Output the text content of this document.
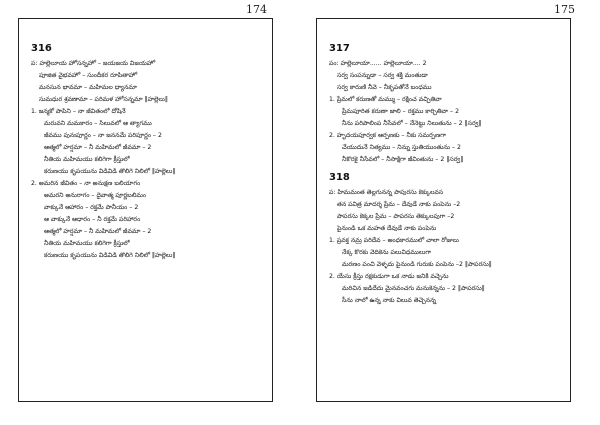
174	175
316
ప: హల్లెలూయ హోసన్నహో – జయజయ విజయహో
పూజిత వైభవహో – సుందీకర రూపితాహో
మనసున భావమా – మహిమల ధ్యానమా
సుమధుర శ్రవణామా – పరిమళ హోసన్నమా ‖హల్లెలు‖
1. జన్మకో పాపిని – నా జీవితంలో దోషినే
మరువని మమకారం – సిలువలో ఆ త్యాగము
జీవము పునఃపూర్ణం – నా జననమే పరిపూర్ణం – 2
ఆత్మలో హర్షమా – నీ మహిమలో జీవమా – 2
నీతియ మహిమయు కలిగెగా క్రీస్తులో
కరుణయు కృపయును విడివిడి తొలిగె నిలిలో ‖హల్లెలు‖
2. అమరిన జీవితం – నా అనుక్షణ బలియాగం
అమరని అనురాగం – దైవాత్మ పూర్ణబలిమం
వాక్కునే ఆహారం – రక్తమే పానీయం – 2
ఆ వాక్కునే ఆధారం – నీ రక్తమే పరిహారం
ఆత్మలో హర్షమా – నీ మహిమలో జీవమా – 2
నీతియ మహిమయు కలిగెగా క్రీస్తులో
కరుణయు కృపయును విడివిడి తొలిగె నిలిలో ‖హల్లెలు‖
317
పం: హల్లెలూయా...... హల్లెలూయా.... 2
సర్వ సంపన్నుడా – సర్వ శక్తి మంతుడా
సర్వ కారుణి నీవె – నీకృపతోనే బంధము
1. ప్రేమలో కరుణతో మమ్ము – రక్షించ వచ్చితివా
ప్రేమపూరిత కరుణా జాలి – రక్తము కార్చితివా – 2
నీను పరిపాలింప నీసేవలో – నేనెట్టు నిలుతును – 2 ‖సర్వ‖
2. హృదయపూర్వక ఆర్పణకు – నీకు సమర్పణగా
చేయుదునే నిత్యము – నిన్ను స్తుతియుంతును – 2
నీకొరకై నీసేవలో – నీసాక్షిగా జీవింతును – 2 ‖సర్వ‖
318
ప: హిమమంత తెల్లగునన్న పాపురసు కెక్కులవస
తన పవిత్ర మాదర్శ ప్రేమ – దేవుడే నాకు పంపెను –2
పాపరసు కెక్కల ప్రేమ – పాపరసు తెక్కులపుగా –2
పైనుండి ఒక మహత దేవుడే నాకు పంపెను
1. ప్రవక్త నమ్ర పరిదేవ – అంధకారములో చాలా రోజులు
నేక్క కొరకు వెదికెను పలువిధములుగా
మరణం పంచి వెళ్ళదు పైనుండి గురుకు పంపెను –2 ‖పాపరసు‖
2. యేసు క్రీస్తు రక్షకుడుగా ఒక నాడు జనికి వచ్చెను
మరిచిన జడిదేదు మైనవంచగు మనుకెన్నను – 2 ‖పాపరసు‖
సీను నాలో ఉన్న నాకు విలువ తెచ్చెనన్న
